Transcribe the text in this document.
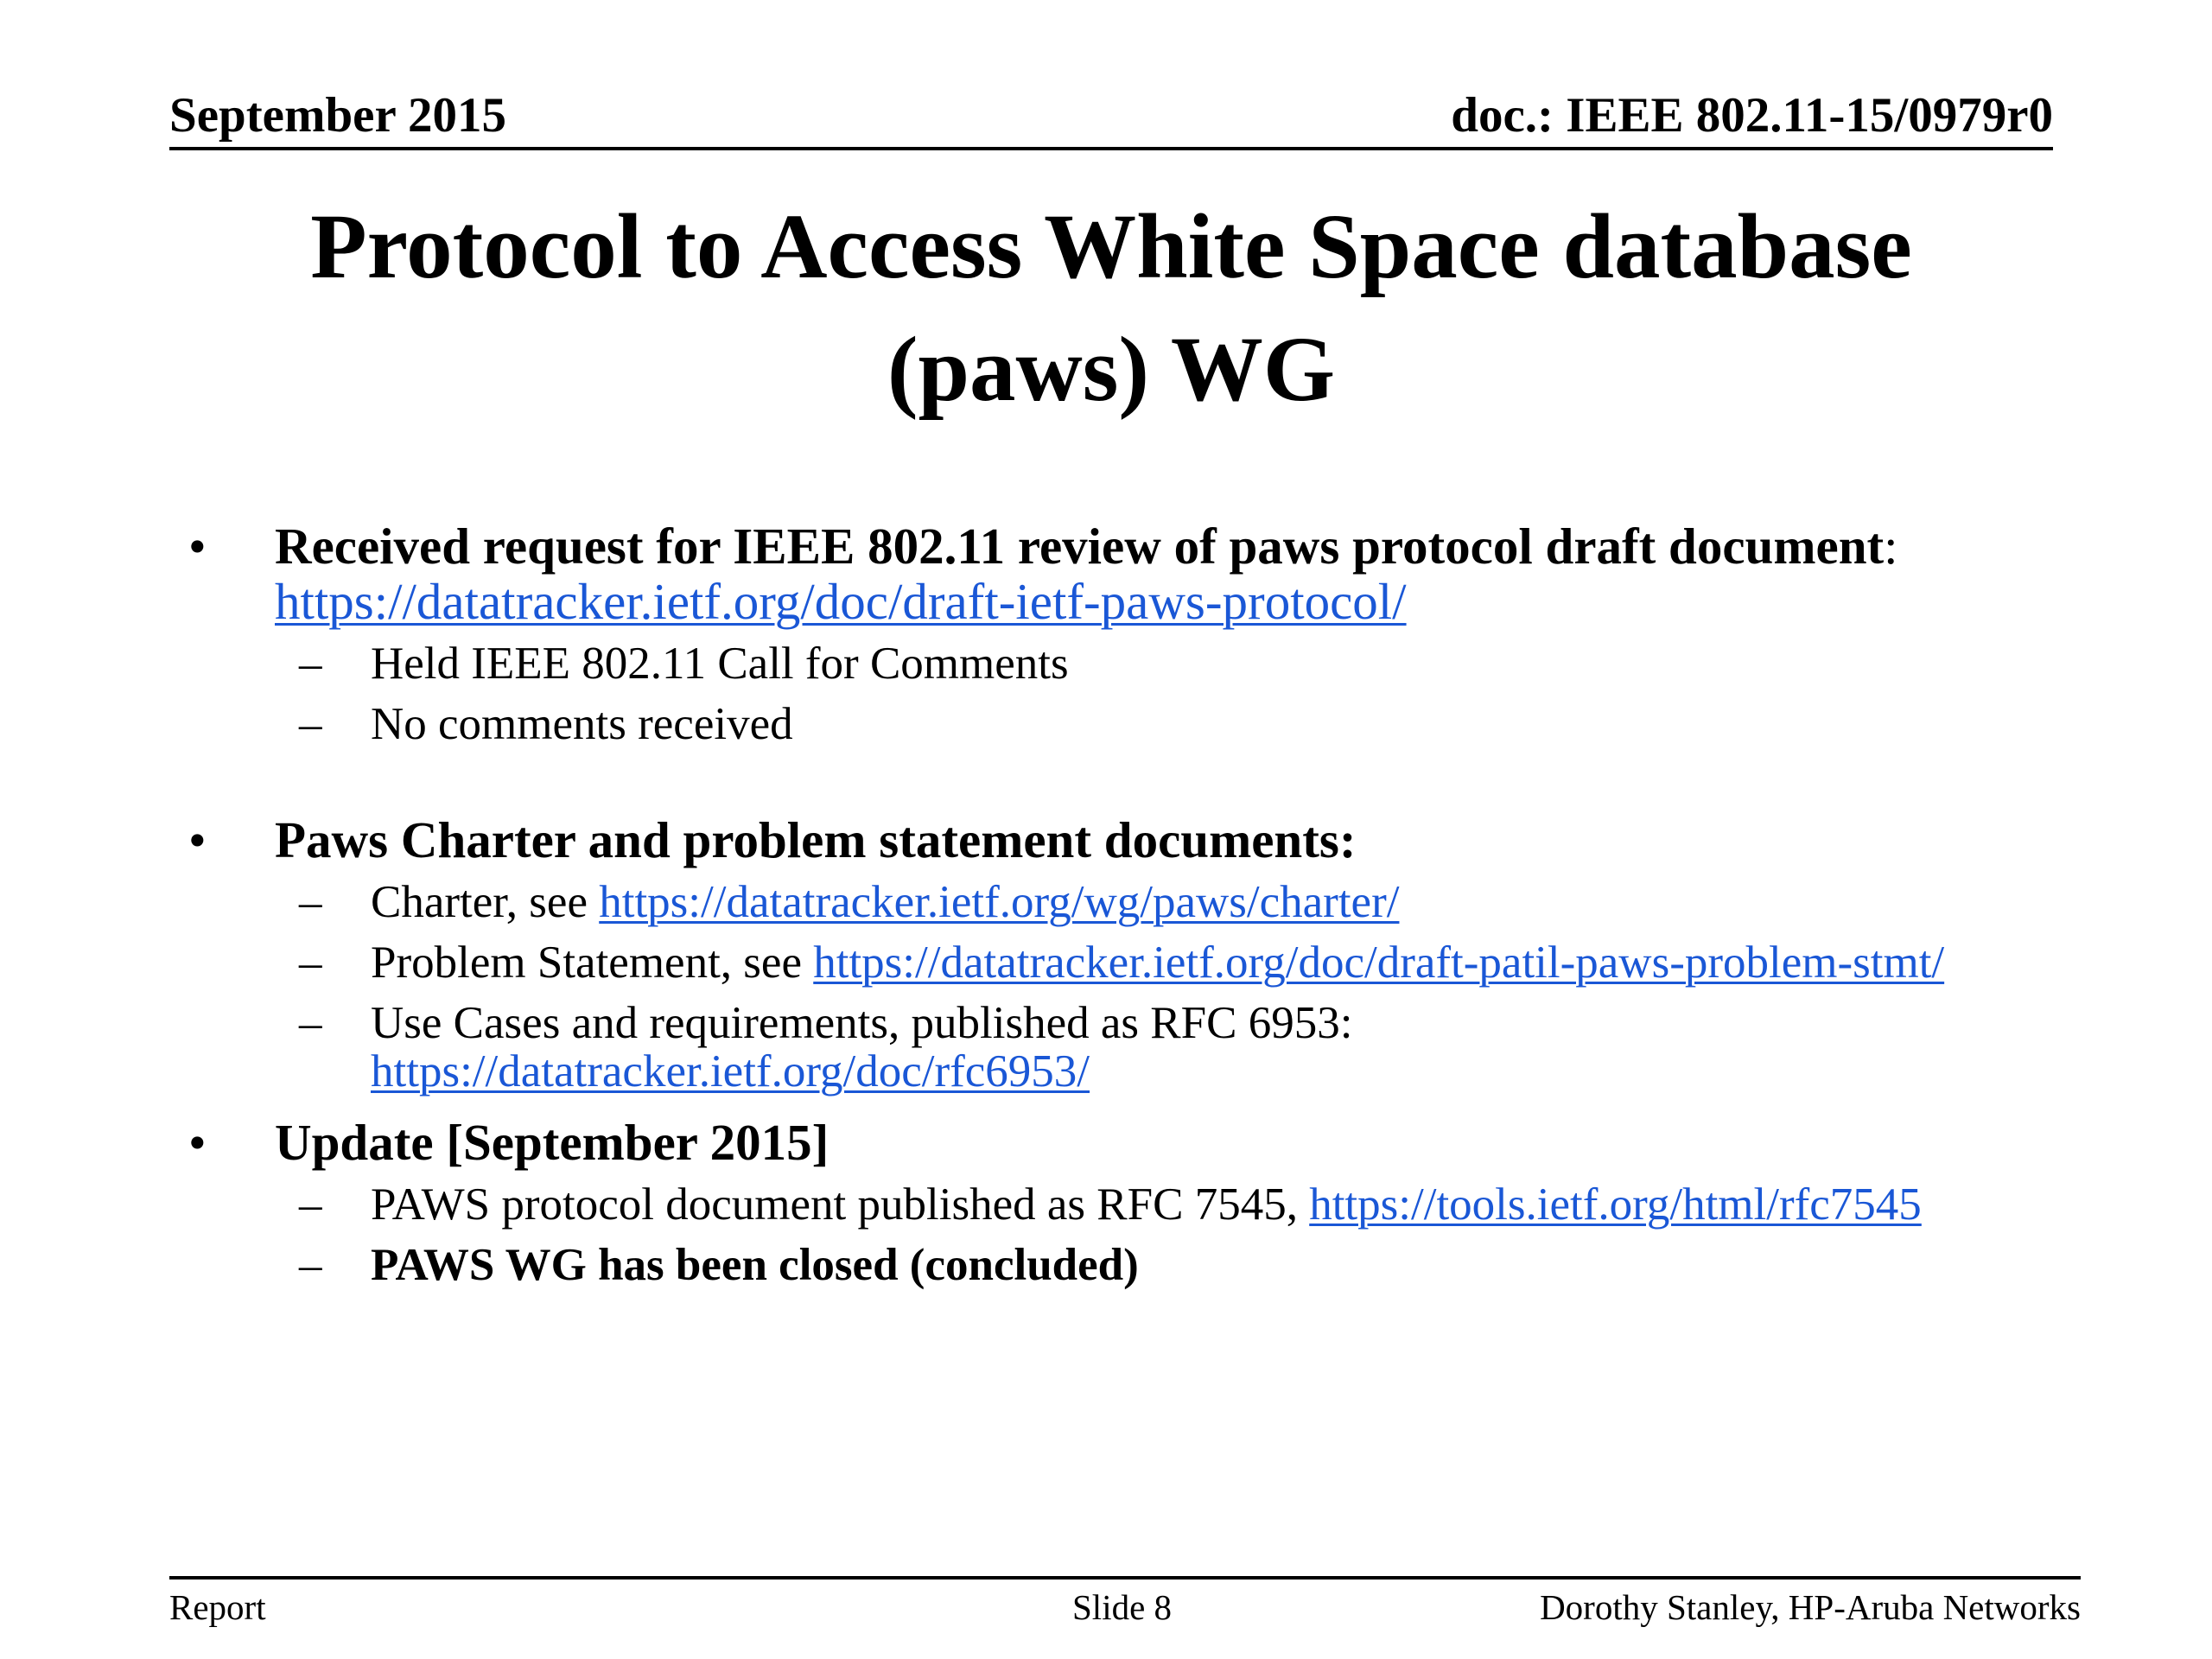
September 2015	doc.: IEEE 802.11-15/0979r0
Protocol to Access White Space database
(paws) WG
• Received request for IEEE 802.11 review of paws protocol draft document:
https://datatracker.ietf.org/doc/draft-ietf-paws-protocol/
– Held IEEE 802.11 Call for Comments
– No comments received
• Paws Charter and problem statement documents:
– Charter, see https://datatracker.ietf.org/wg/paws/charter/
– Problem Statement, see https://datatracker.ietf.org/doc/draft-patil-paws-problem-stmt/
– Use Cases and requirements, published as RFC 6953:
https://datatracker.ietf.org/doc/rfc6953/
• Update [September 2015]
– PAWS protocol document published as RFC 7545, https://tools.ietf.org/html/rfc7545
– PAWS WG has been closed (concluded)
Report	Slide 8	Dorothy Stanley, HP-Aruba Networks
